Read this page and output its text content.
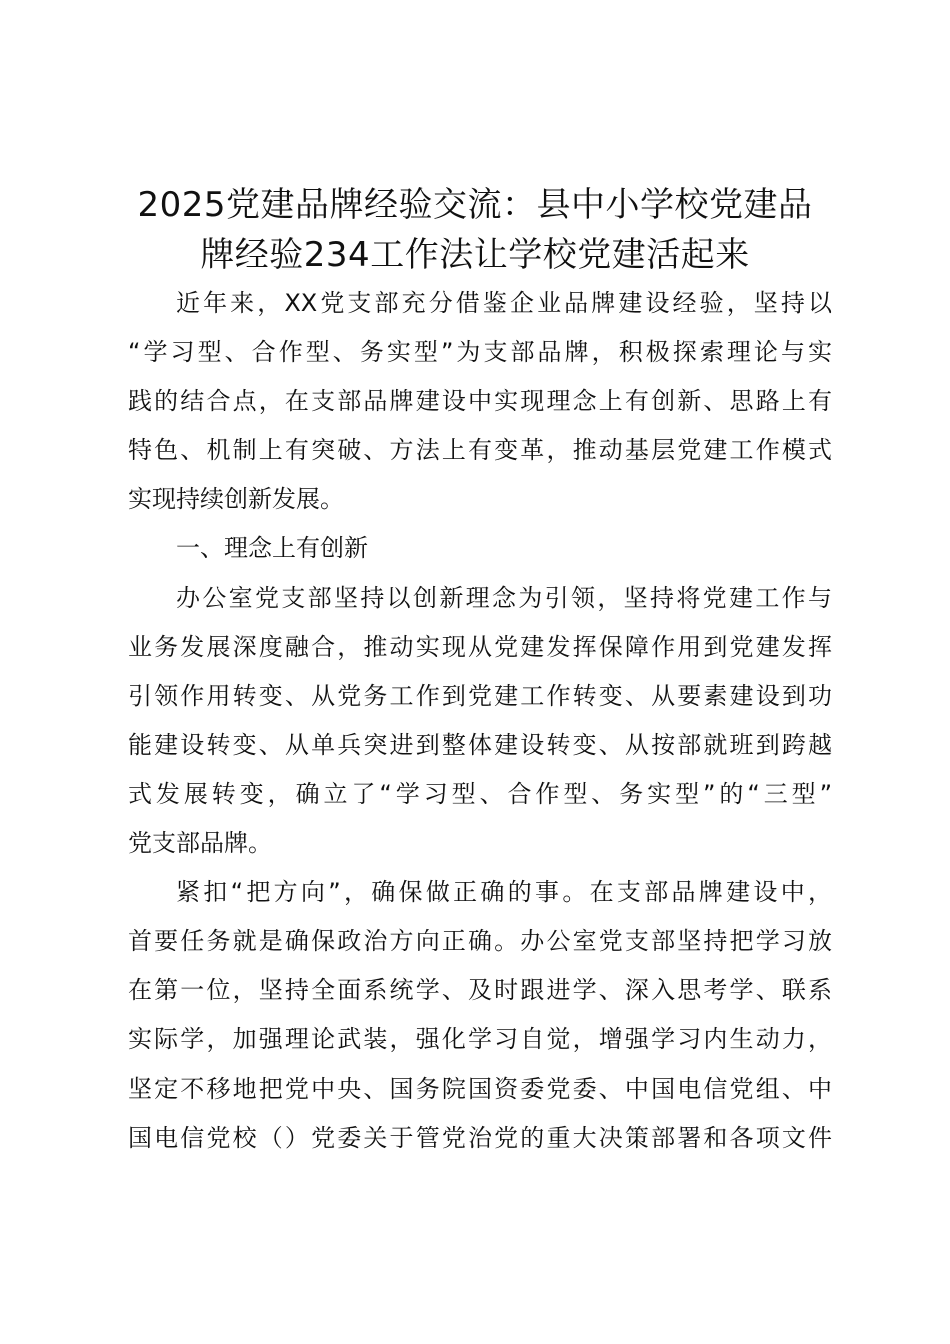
2025党建品牌经验交流：县中小学校党建品
牌经验234工作法让学校党建活起来
近年来，XX党支部充分借鉴企业品牌建设经验，坚持以
“学习型、合作型、务实型”为支部品牌，积极探索理论与实
践的结合点，在支部品牌建设中实现理念上有创新、思路上有
特色、机制上有突破、方法上有变革，推动基层党建工作模式
实现持续创新发展。
一、理念上有创新
办公室党支部坚持以创新理念为引领，坚持将党建工作与
业务发展深度融合，推动实现从党建发挥保障作用到党建发挥
引领作用转变、从党务工作到党建工作转变、从要素建设到功
能建设转变、从单兵突进到整体建设转变、从按部就班到跨越
式发展转变，确立了“学习型、合作型、务实型”的“三型”
党支部品牌。
紧扣“把方向”，确保做正确的事。在支部品牌建设中，
首要任务就是确保政治方向正确。办公室党支部坚持把学习放
在第一位，坚持全面系统学、及时跟进学、深入思考学、联系
实际学，加强理论武装，强化学习自觉，增强学习内生动力，
坚定不移地把党中央、国务院国资委党委、中国电信党组、中
国电信党校（）党委关于管党治党的重大决策部署和各项文件
